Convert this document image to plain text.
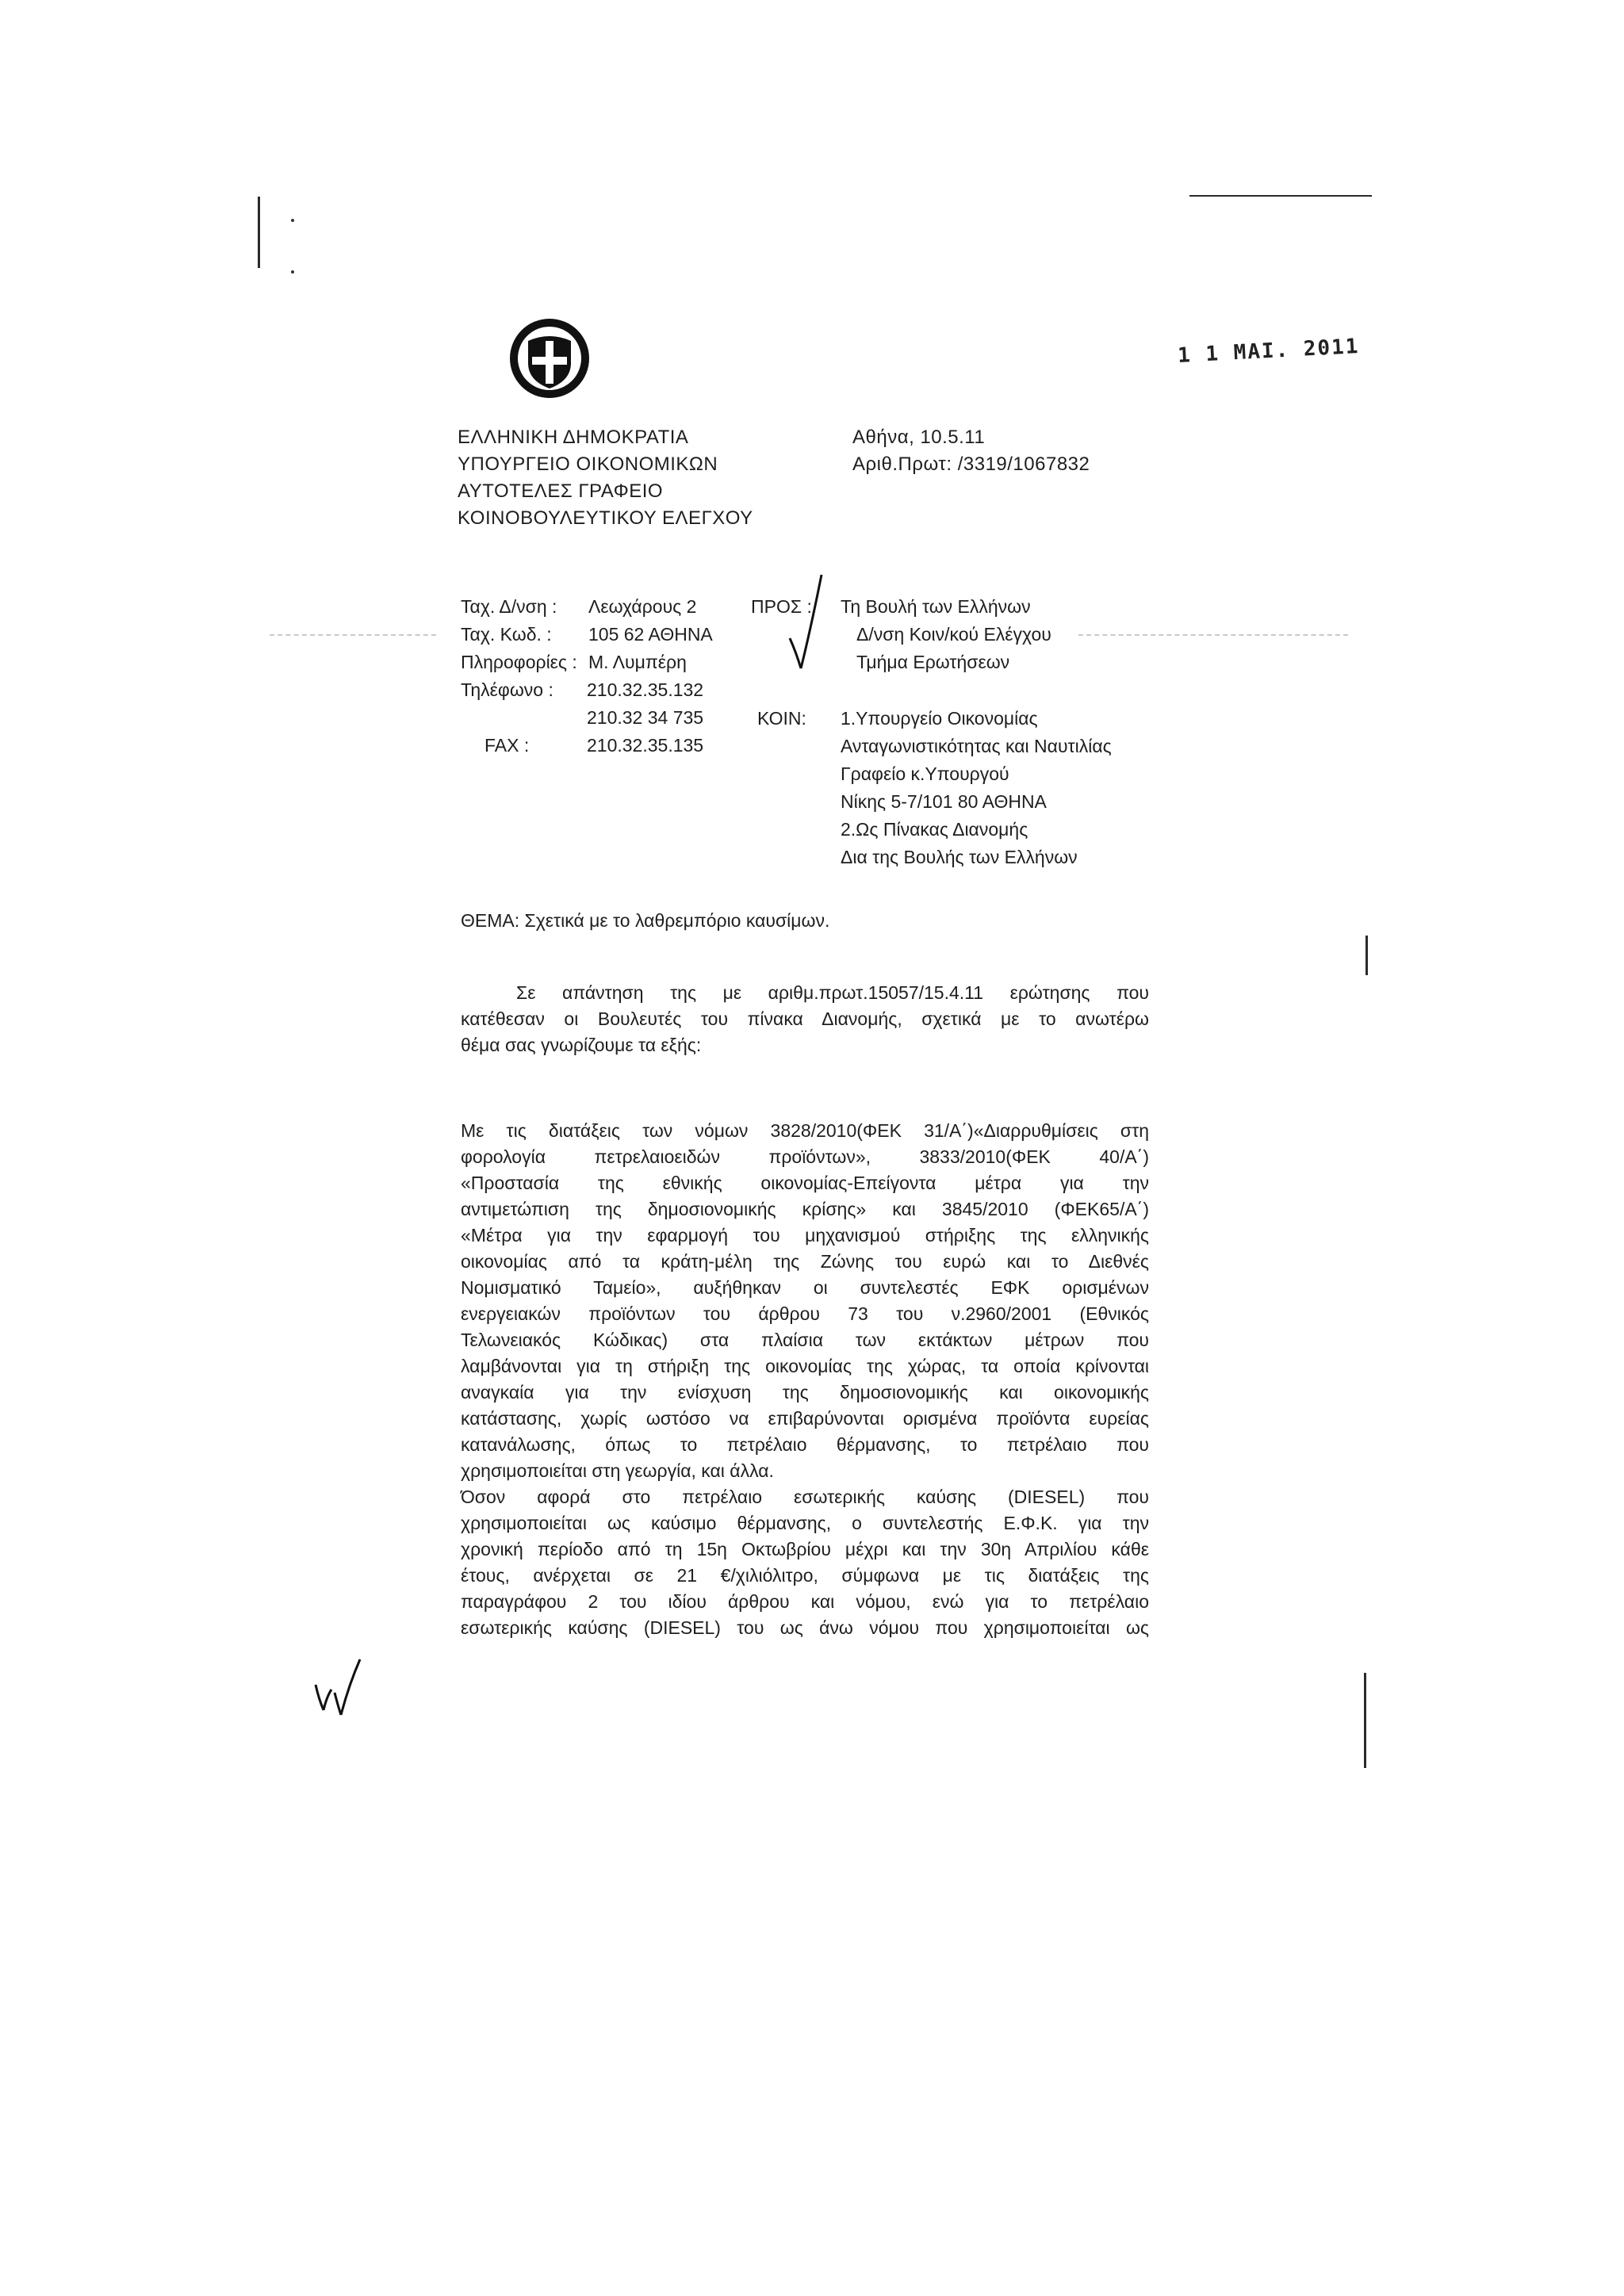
1 1 MAI. 2011
ΕΛΛΗΝΙΚΗ ΔΗΜΟΚΡΑΤΙΑ
ΥΠΟΥΡΓΕΙΟ ΟΙΚΟΝΟΜΙΚΩΝ
ΑΥΤΟΤΕΛΕΣ ΓΡΑΦΕΙΟ
ΚΟΙΝΟΒΟΥΛΕΥΤΙΚΟΥ ΕΛΕΓΧΟΥ
Αθήνα, 10.5.11
Αριθ.Πρωτ: /3319/1067832
Ταχ. Δ/νση :
Ταχ. Κωδ. :
Πληροφορίες :
Τηλέφωνο :
FAX :
Λεωχάρους 2
105 62 ΑΘΗΝΑ
Μ. Λυμπέρη
210.32.35.132
210.32 34 735
210.32.35.135
ΠΡΟΣ : Τη Βουλή των Ελλήνων
Δ/νση Κοιν/κού Ελέγχου
Τμήμα Ερωτήσεων
ΚΟΙΝ: 1.Υπουργείο Οικονομίας
Ανταγωνιστικότητας και Ναυτιλίας
Γραφείο κ.Υπουργού
Νίκης 5-7/101 80 ΑΘΗΝΑ
2.Ως Πίνακας Διανομής
Δια της Βουλής των Ελλήνων
ΘΕΜΑ: Σχετικά με το λαθρεμπόριο καυσίμων.
Σε απάντηση της με αριθμ.πρωτ.15057/15.4.11 ερώτησης που
κατέθεσαν οι Βουλευτές του πίνακα Διανομής, σχετικά με το ανωτέρω
θέμα σας γνωρίζουμε τα εξής:
Με τις διατάξεις των νόμων 3828/2010(ΦΕΚ 31/Α΄)«Διαρρυθμίσεις στη
φορολογία πετρελαιοειδών προϊόντων», 3833/2010(ΦΕΚ 40/Α΄)
«Προστασία της εθνικής οικονομίας-Επείγοντα μέτρα για την
αντιμετώπιση της δημοσιονομικής κρίσης» και 3845/2010 (ΦΕΚ65/Α΄)
«Μέτρα για την εφαρμογή του μηχανισμού στήριξης της ελληνικής
οικονομίας από τα κράτη-μέλη της Ζώνης του ευρώ και το Διεθνές
Νομισματικό Ταμείο», αυξήθηκαν οι συντελεστές ΕΦΚ ορισμένων
ενεργειακών προϊόντων του άρθρου 73 του ν.2960/2001 (Εθνικός
Τελωνειακός Κώδικας) στα πλαίσια των εκτάκτων μέτρων που
λαμβάνονται για τη στήριξη της οικονομίας της χώρας, τα οποία κρίνονται
αναγκαία για την ενίσχυση της δημοσιονομικής και οικονομικής
κατάστασης, χωρίς ωστόσο να επιβαρύνονται ορισμένα προϊόντα ευρείας
κατανάλωσης, όπως το πετρέλαιο θέρμανσης, το πετρέλαιο που
χρησιμοποιείται στη γεωργία, και άλλα.
Όσον αφορά στο πετρέλαιο εσωτερικής καύσης (DIESEL) που
χρησιμοποιείται ως καύσιμο θέρμανσης, ο συντελεστής Ε.Φ.Κ. για την
χρονική περίοδο από τη 15η Οκτωβρίου μέχρι και την 30η Απριλίου κάθε
έτους, ανέρχεται σε 21 €/χιλιόλιτρο, σύμφωνα με τις διατάξεις της
παραγράφου 2 του ιδίου άρθρου και νόμου, ενώ για το πετρέλαιο
εσωτερικής καύσης (DIESEL) του ως άνω νόμου που χρησιμοποιείται ως
